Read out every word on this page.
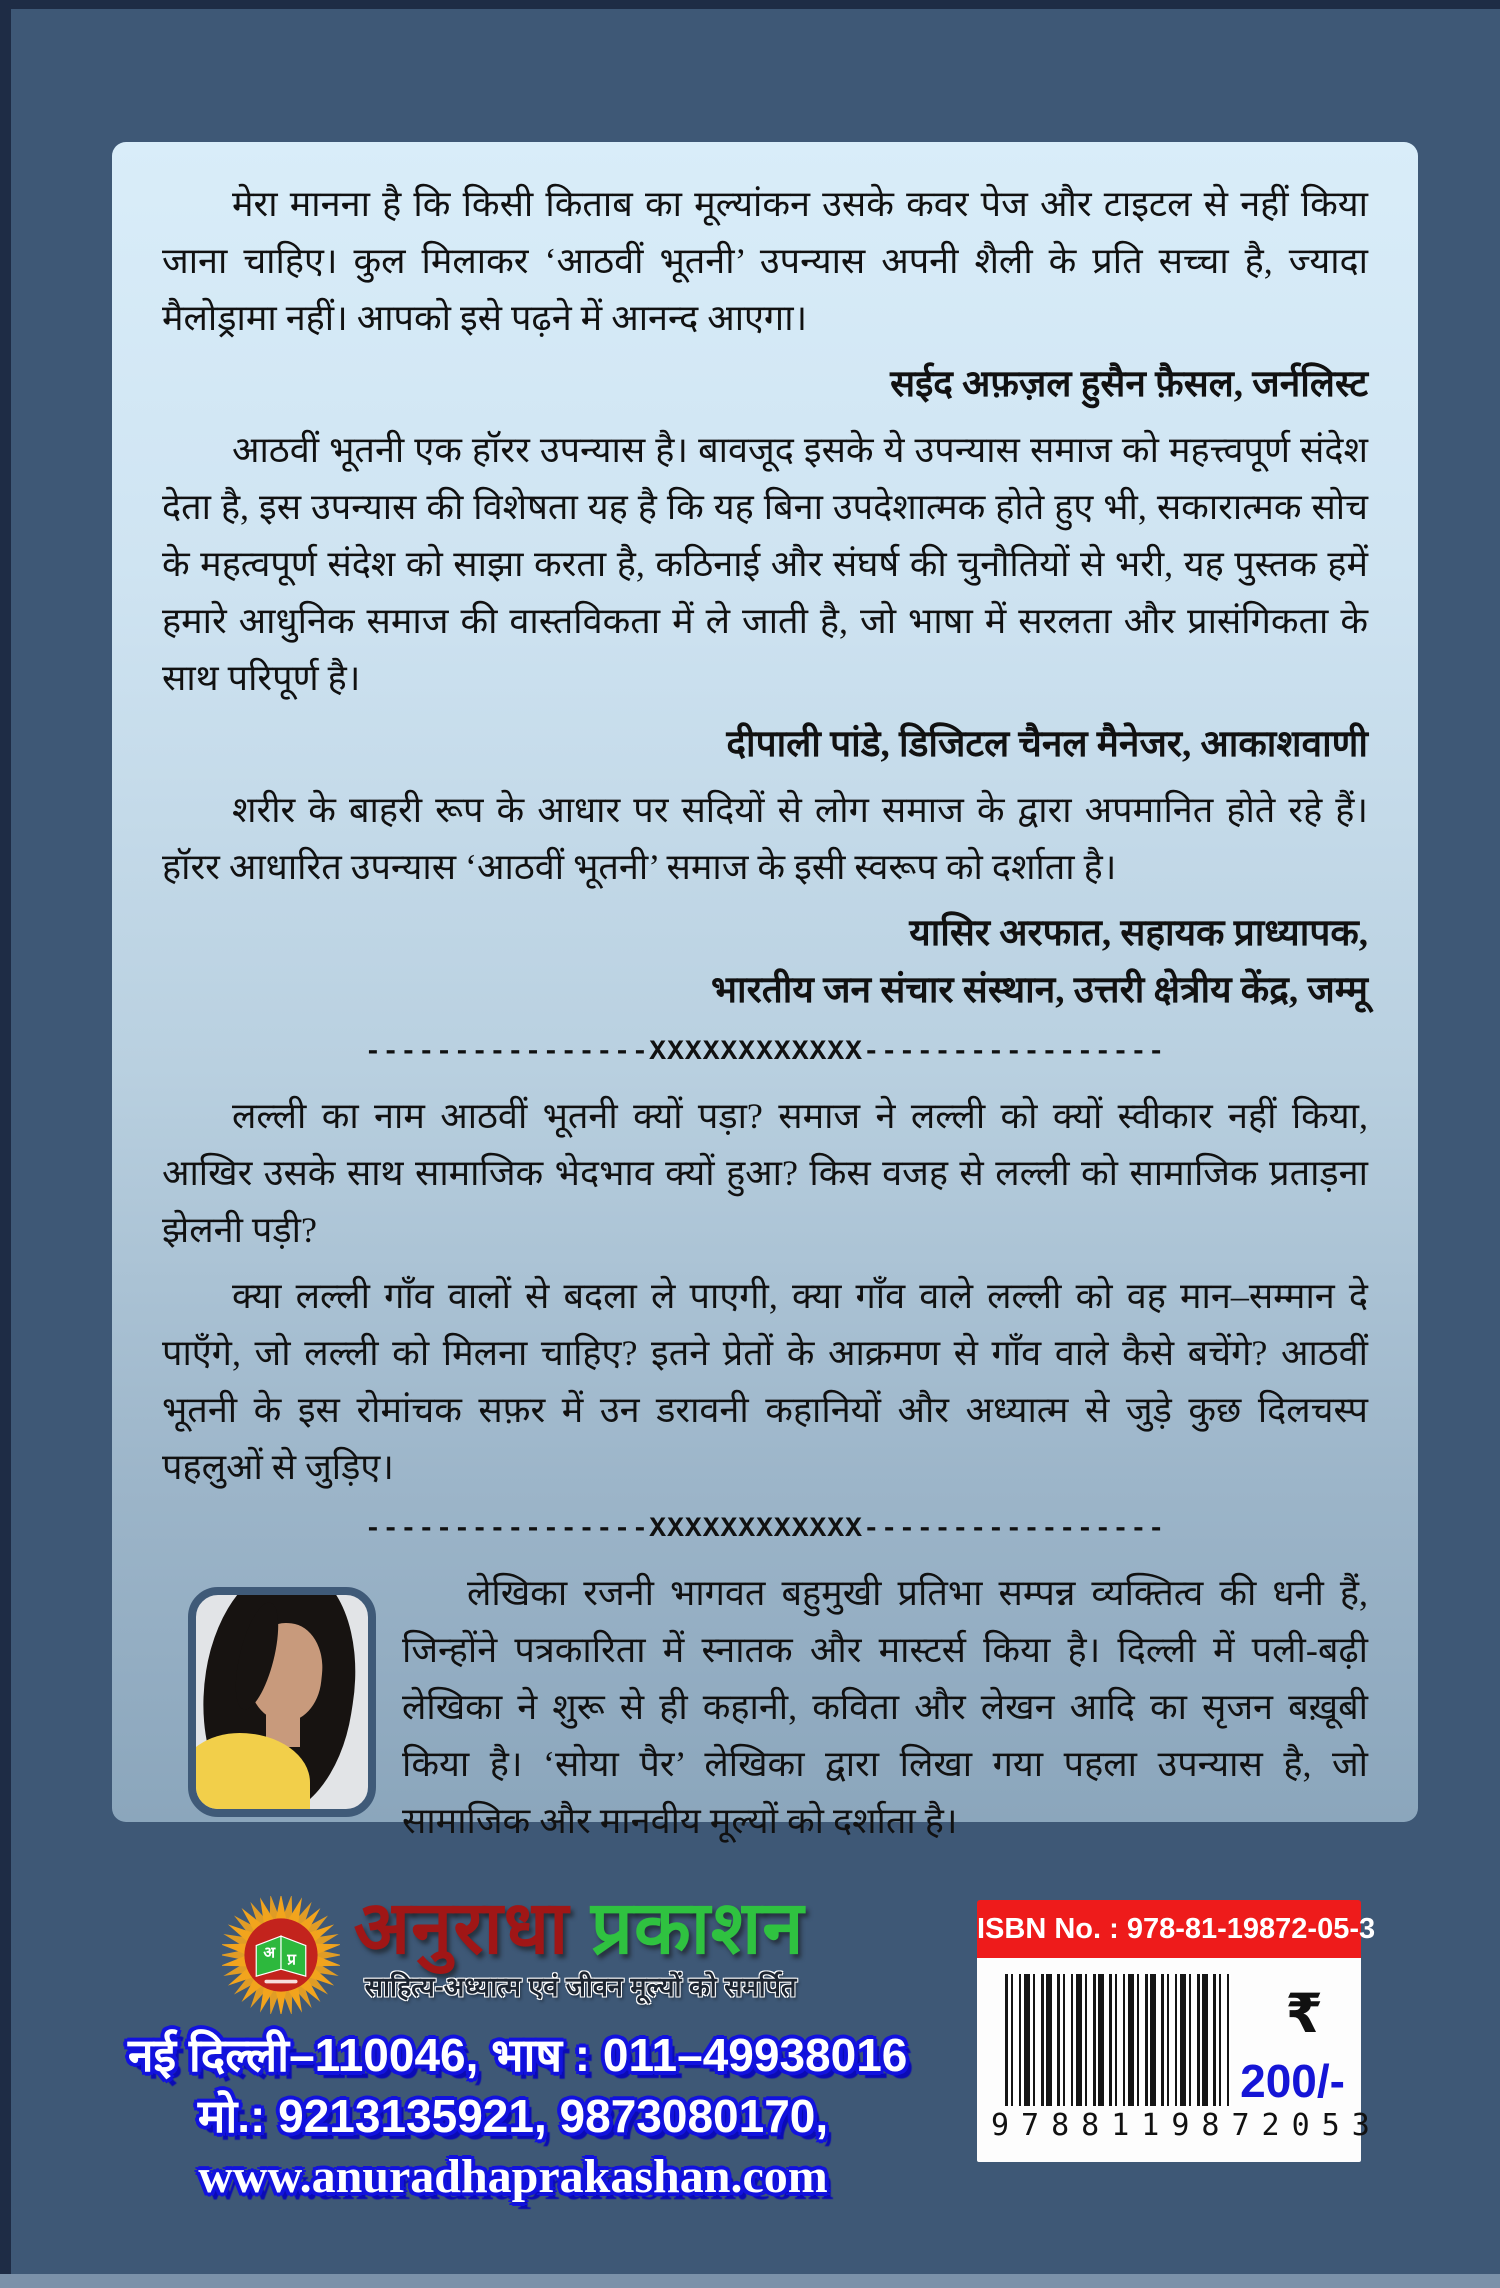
मेरा मानना है कि किसी किताब का मूल्यांकन उसके कवर पेज और टाइटल से नहीं किया जाना चाहिए। कुल मिलाकर ‘आठवीं भूतनी’ उपन्यास अपनी शैली के प्रति सच्चा है, ज्यादा मैलोड्रामा नहीं। आपको इसे पढ़ने में आनन्द आएगा।

सईद अफ़ज़ल हुसैन फ़ैसल, जर्नलिस्ट

आठवीं भूतनी एक हॉरर उपन्यास है। बावजूद इसके ये उपन्यास समाज को महत्त्वपूर्ण संदेश देता है, इस उपन्यास की विशेषता यह है कि यह बिना उपदेशात्मक होते हुए भी, सकारात्मक सोच के महत्वपूर्ण संदेश को साझा करता है, कठिनाई और संघर्ष की चुनौतियों से भरी, यह पुस्तक हमें हमारे आधुनिक समाज की वास्तविकता में ले जाती है, जो भाषा में सरलता और प्रासंगिकता के साथ परिपूर्ण है।

दीपाली पांडे, डिजिटल चैनल मैनेजर, आकाशवाणी

शरीर के बाहरी रूप के आधार पर सदियों से लोग समाज के द्वारा अपमानित होते रहे हैं। हॉरर आधारित उपन्यास ‘आठवीं भूतनी’ समाज के इसी स्वरूप को दर्शाता है।

यासिर अरफात, सहायक प्राध्यापक,

भारतीय जन संचार संस्थान, उत्तरी क्षेत्रीय केंद्र, जम्मू

----------------XXXXXXXXXXXX-----------------

लल्ली का नाम आठवीं भूतनी क्यों पड़ा? समाज ने लल्ली को क्यों स्वीकार नहीं किया, आखिर उसके साथ सामाजिक भेदभाव क्यों हुआ? किस वजह से लल्ली को सामाजिक प्रताड़ना झेलनी पड़ी?

क्या लल्ली गाँव वालों से बदला ले पाएगी, क्या गाँव वाले लल्ली को वह मान–सम्मान दे पाएँगे, जो लल्ली को मिलना चाहिए? इतने प्रेतों के आक्रमण से गाँव वाले कैसे बचेंगे? आठवीं भूतनी के इस रोमांचक सफ़र में उन डरावनी कहानियों और अध्यात्म से जुड़े कुछ दिलचस्प पहलुओं से जुड़िए।

----------------XXXXXXXXXXXX-----------------

लेखिका रजनी भागवत बहुमुखी प्रतिभा सम्पन्न व्यक्तित्व की धनी हैं, जिन्होंने पत्रकारिता में स्नातक और मास्टर्स किया है। दिल्ली में पली-बढ़ी लेखिका ने शुरू से ही कहानी, कविता और लेखन आदि का सृजन बख़ूबी किया है। ‘सोया पैर’ लेखिका द्वारा लिखा गया पहला उपन्यास है, जो सामाजिक और मानवीय मूल्यों को दर्शाता है।

अ प्र अनुराधा प्रकाशन
साहित्य-अध्यात्म एवं जीवन मूल्यों को समर्पित
नई दिल्ली–110046, भाष : 011–49938016
मो.: 9213135921, 9873080170,
www.anuradhaprakashan.com
ISBN No. : 978-81-19872-05-3
9788119872053
₹
200/-
